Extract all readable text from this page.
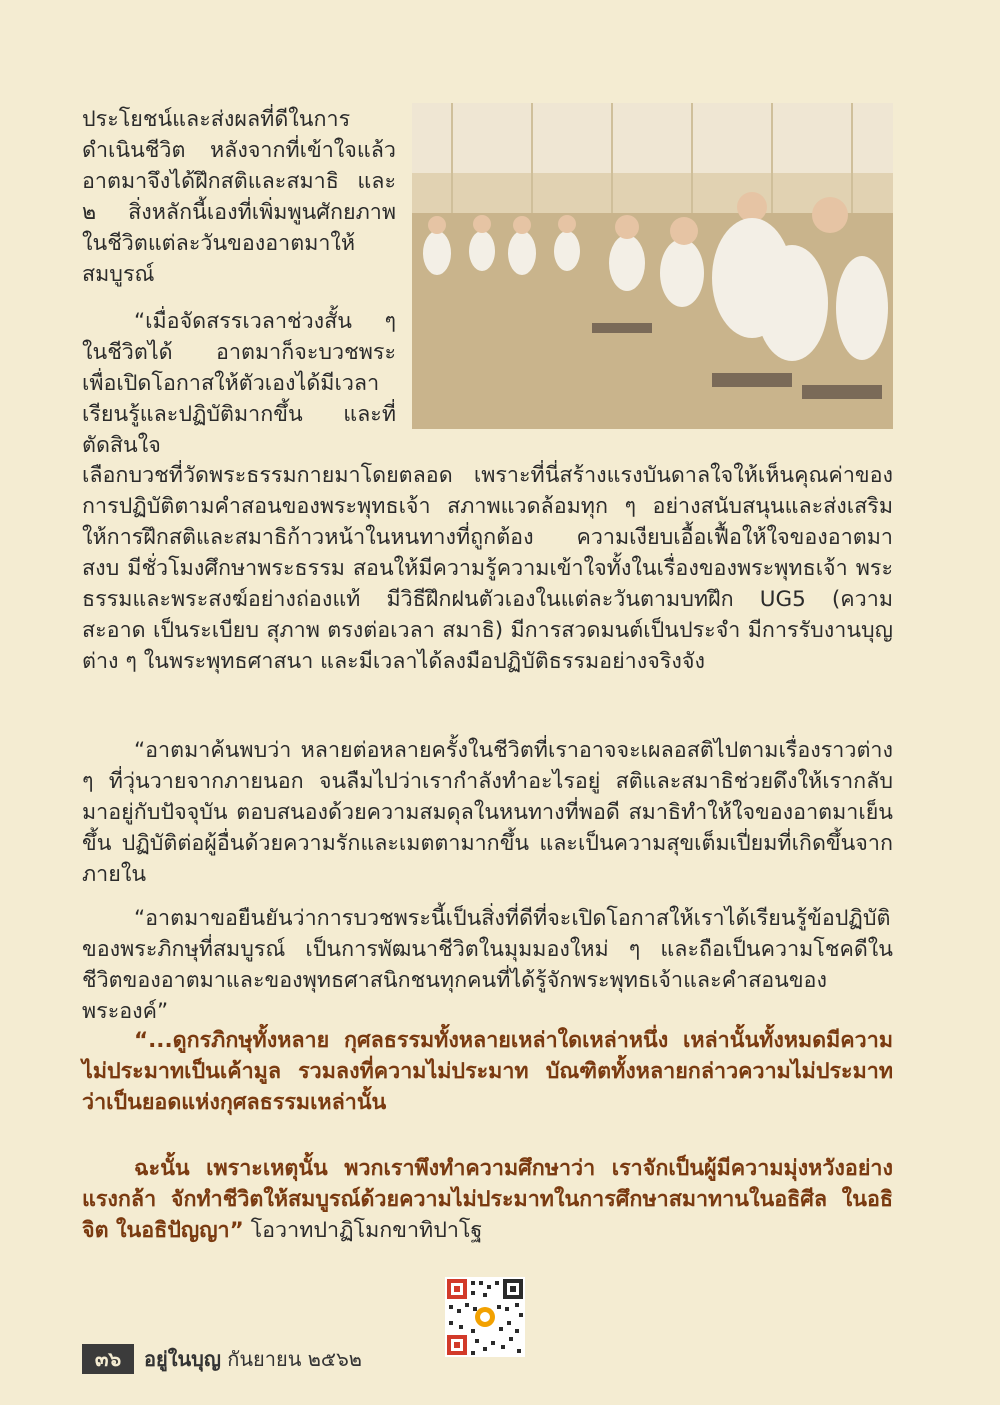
ประโยชน์และส่งผลที่ดีในการดำเนินชีวิต หลังจากที่เข้าใจแล้ว อาตมาจึงได้ฝึกสติและสมาธิ และ ๒ สิ่งหลักนี้เองที่เพิ่มพูนศักยภาพในชีวิตแต่ละวันของอาตมาให้สมบูรณ์

“เมื่อจัดสรรเวลาช่วงสั้น ๆ ในชีวิตได้ อาตมาก็จะบวชพระ เพื่อเปิดโอกาสให้ตัวเองได้มีเวลาเรียนรู้และปฏิบัติมากขึ้น และที่ตัดสินใจ

เลือกบวชที่วัดพระธรรมกายมาโดยตลอด เพราะที่นี่สร้างแรงบันดาลใจให้เห็นคุณค่าของการปฏิบัติตามคำสอนของพระพุทธเจ้า สภาพแวดล้อมทุก ๆ อย่างสนับสนุนและส่งเสริมให้การฝึกสติและสมาธิก้าวหน้าในหนทางที่ถูกต้อง ความเงียบเอื้อเฟื้อให้ใจของอาตมาสงบ มีชั่วโมงศึกษาพระธรรม สอนให้มีความรู้ความเข้าใจทั้งในเรื่องของพระพุทธเจ้า พระธรรมและพระสงฆ์อย่างถ่องแท้ มีวิธีฝึกฝนตัวเองในแต่ละวันตามบทฝึก UG5 (ความสะอาด เป็นระเบียบ สุภาพ ตรงต่อเวลา สมาธิ) มีการสวดมนต์เป็นประจำ มีการรับงานบุญต่าง ๆ ในพระพุทธศาสนา และมีเวลาได้ลงมือปฏิบัติธรรมอย่างจริงจัง

“อาตมาค้นพบว่า หลายต่อหลายครั้งในชีวิตที่เราอาจจะเผลอสติไปตามเรื่องราวต่าง ๆ ที่วุ่นวายจากภายนอก จนลืมไปว่าเรากำลังทำอะไรอยู่ สติและสมาธิช่วยดึงให้เรากลับมาอยู่กับปัจจุบัน ตอบสนองด้วยความสมดุลในหนทางที่พอดี สมาธิทำให้ใจของอาตมาเย็นขึ้น ปฏิบัติต่อผู้อื่นด้วยความรักและเมตตามากขึ้น และเป็นความสุขเต็มเปี่ยมที่เกิดขึ้นจากภายใน

“อาตมาขอยืนยันว่าการบวชพระนี้เป็นสิ่งที่ดีที่จะเปิดโอกาสให้เราได้เรียนรู้ข้อปฏิบัติของพระภิกษุที่สมบูรณ์ เป็นการพัฒนาชีวิตในมุมมองใหม่ ๆ และถือเป็นความโชคดีในชีวิตของอาตมาและของพุทธศาสนิกชนทุกคนที่ได้รู้จักพระพุทธเจ้าและคำสอนของพระองค์”

“...ดูกรภิกษุทั้งหลาย กุศลธรรมทั้งหลายเหล่าใดเหล่าหนึ่ง เหล่านั้นทั้งหมดมีความไม่ประมาทเป็นเค้ามูล รวมลงที่ความไม่ประมาท บัณฑิตทั้งหลายกล่าวความไม่ประมาทว่าเป็นยอดแห่งกุศลธรรมเหล่านั้น

ฉะนั้น เพราะเหตุนั้น พวกเราพึงทำความศึกษาว่า เราจักเป็นผู้มีความมุ่งหวังอย่างแรงกล้า จักทำชีวิตให้สมบูรณ์ด้วยความไม่ประมาทในการศึกษาสมาทานในอธิศีล ในอธิจิต ในอธิปัญญา” โอวาทปาฏิโมกขาทิปาโฐ

๓๖	อยู่ในบุญ กันยายน ๒๕๖๒
